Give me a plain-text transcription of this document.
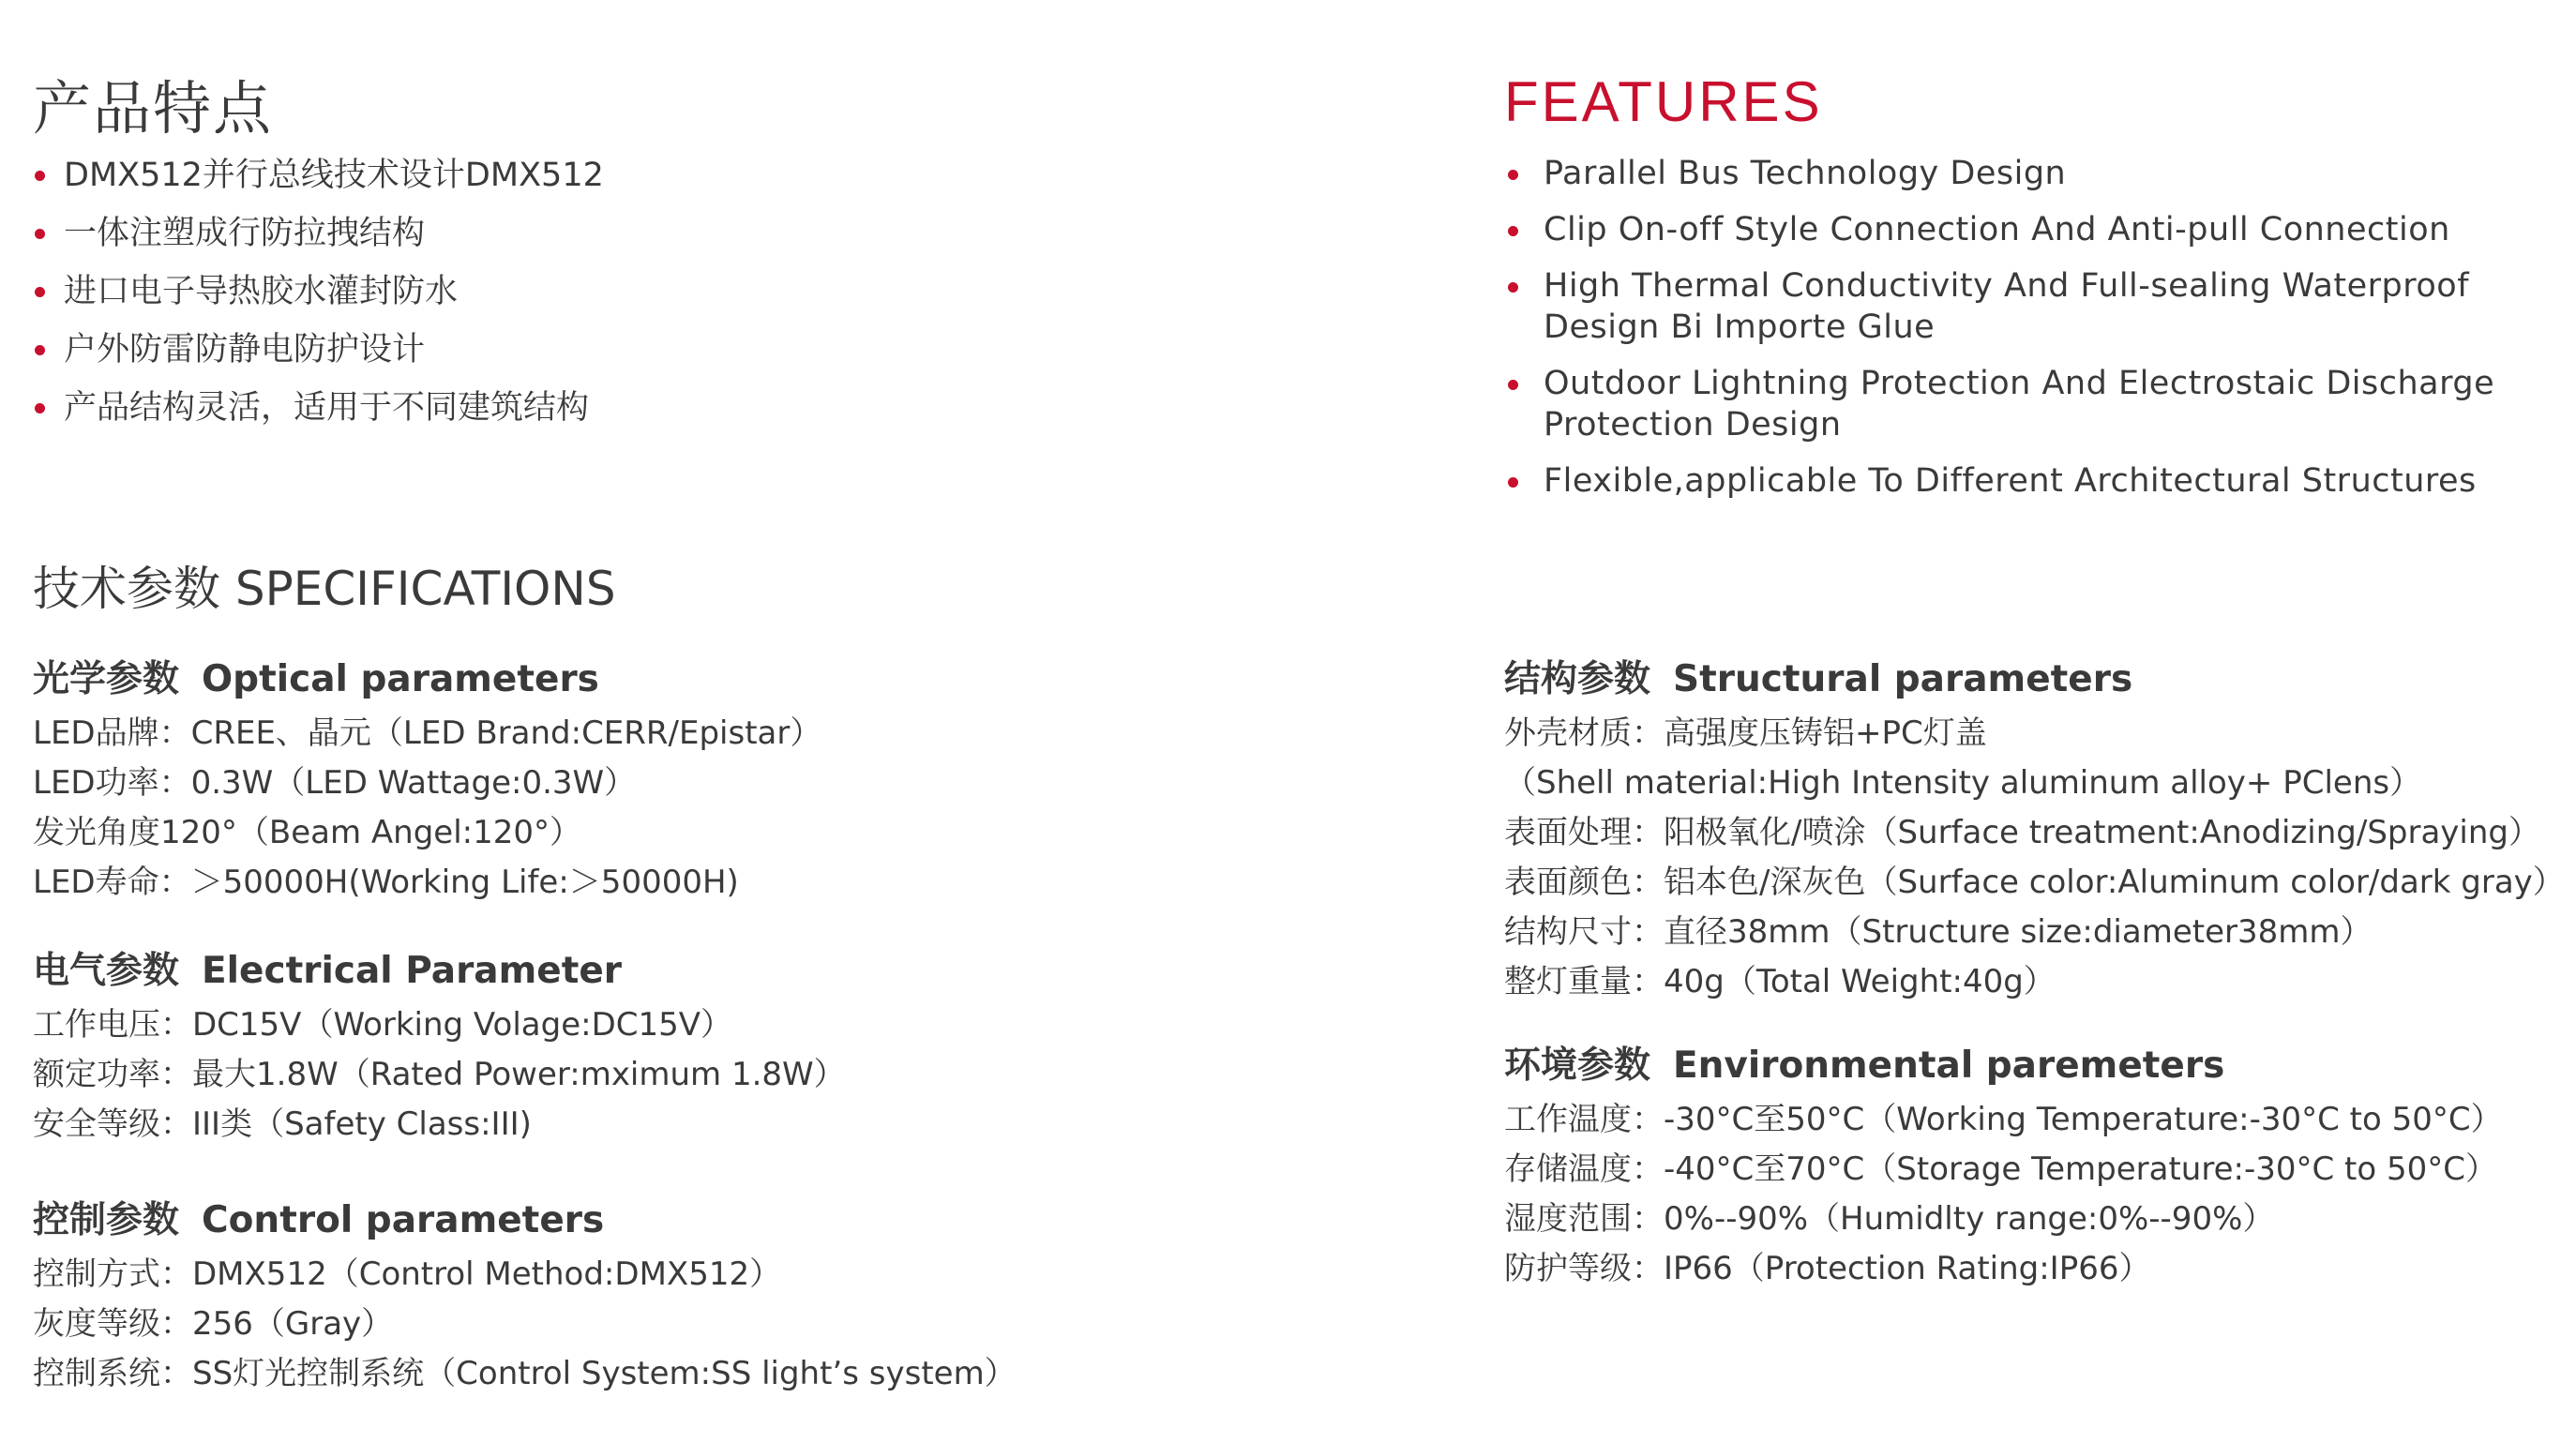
产品特点
DMX512并行总线技术设计DMX512
一体注塑成行防拉拽结构
进口电子导热胶水灌封防水
户外防雷防静电防护设计
产品结构灵活，适用于不同建筑结构
技术参数 SPECIFICATIONS
光学参数 Optical parameters
LED品牌：CREE、晶元（LED Brand:CERR/Epistar）
LED功率：0.3W（LED Wattage:0.3W）
发光角度120°（Beam Angel:120°）
LED寿命：＞50000H(Working Life:＞50000H)
电气参数 Electrical Parameter
工作电压：DC15V（Working Volage:DC15V）
额定功率：最大1.8W（Rated Power:mximum 1.8W）
安全等级：III类（Safety Class:III)
控制参数 Control parameters
控制方式：DMX512（Control Method:DMX512）
灰度等级：256（Gray）
控制系统：SS灯光控制系统（Control System:SS light’s system）
FEATURES
Parallel Bus Technology Design
Clip On-off Style Connection And Anti-pull Connection
High Thermal Conductivity And Full-sealing Waterproof Design Bi Importe Glue
Outdoor Lightning Protection And Electrostaic Discharge Protection Design
Flexible,applicable To Different Architectural Structures
结构参数 Structural parameters
外壳材质：高强度压铸铝+PC灯盖
（Shell material:High Intensity aluminum alloy+ PClens）
表面处理：阳极氧化/喷涂（Surface treatment:Anodizing/Spraying）
表面颜色：铝本色/深灰色（Surface color:Aluminum color/dark gray）
结构尺寸：直径38mm（Structure size:diameter38mm）
整灯重量：40g（Total Weight:40g）
环境参数 Environmental paremeters
工作温度：-30°C至50°C（Working Temperature:-30°C to 50°C）
存储温度：-40°C至70°C（Storage Temperature:-30°C to 50°C）
湿度范围：0%--90%（Humidlty range:0%--90%）
防护等级：IP66（Protection Rating:IP66）
